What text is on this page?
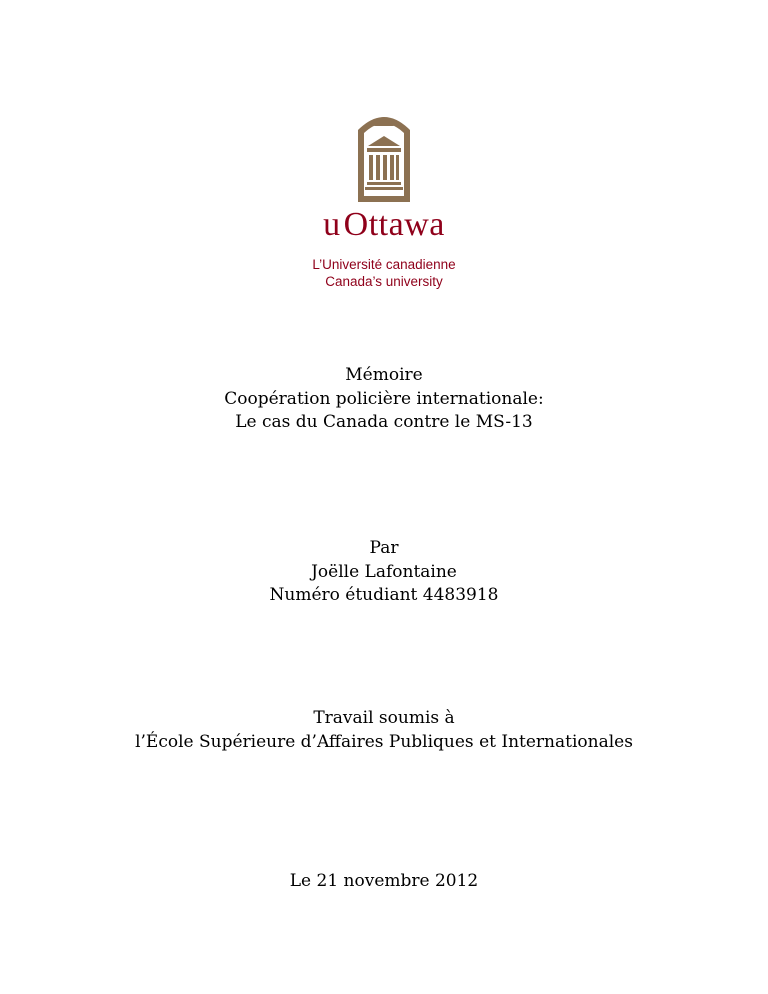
uOttawa
L’Université canadienne
Canada’s university
Mémoire
Coopération policière internationale:
Le cas du Canada contre le MS-13
Par
Joëlle Lafontaine
Numéro étudiant 4483918
Travail soumis à
l’École Supérieure d’Affaires Publiques et Internationales
Le 21 novembre 2012
